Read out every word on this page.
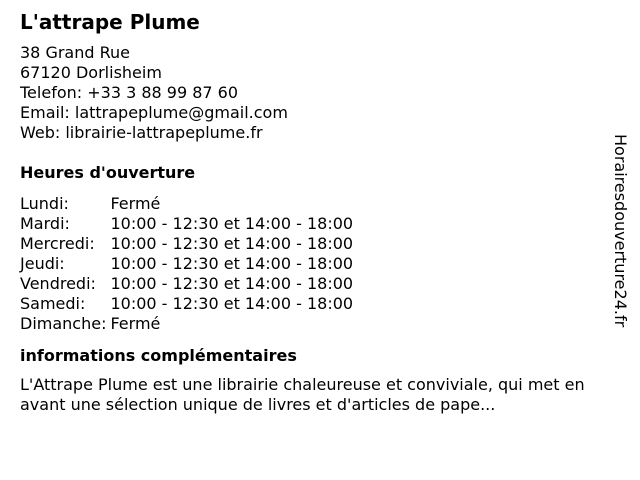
L'attrape Plume
38 Grand Rue
67120 Dorlisheim
Telefon: +33 3 88 99 87 60
Email: lattrapeplume@gmail.com
Web: librairie-lattrapeplume.fr
Heures d'ouverture
Lundi:	Fermé
Mardi:	10:00 - 12:30 et 14:00 - 18:00
Mercredi:	10:00 - 12:30 et 14:00 - 18:00
Jeudi:	10:00 - 12:30 et 14:00 - 18:00
Vendredi:	10:00 - 12:30 et 14:00 - 18:00
Samedi:	10:00 - 12:30 et 14:00 - 18:00
Dimanche:	Fermé
informations complémentaires
L'Attrape Plume est une librairie chaleureuse et conviviale, qui met en avant une sélection unique de livres et d'articles de pape...
Horairesdouverture24.fr
